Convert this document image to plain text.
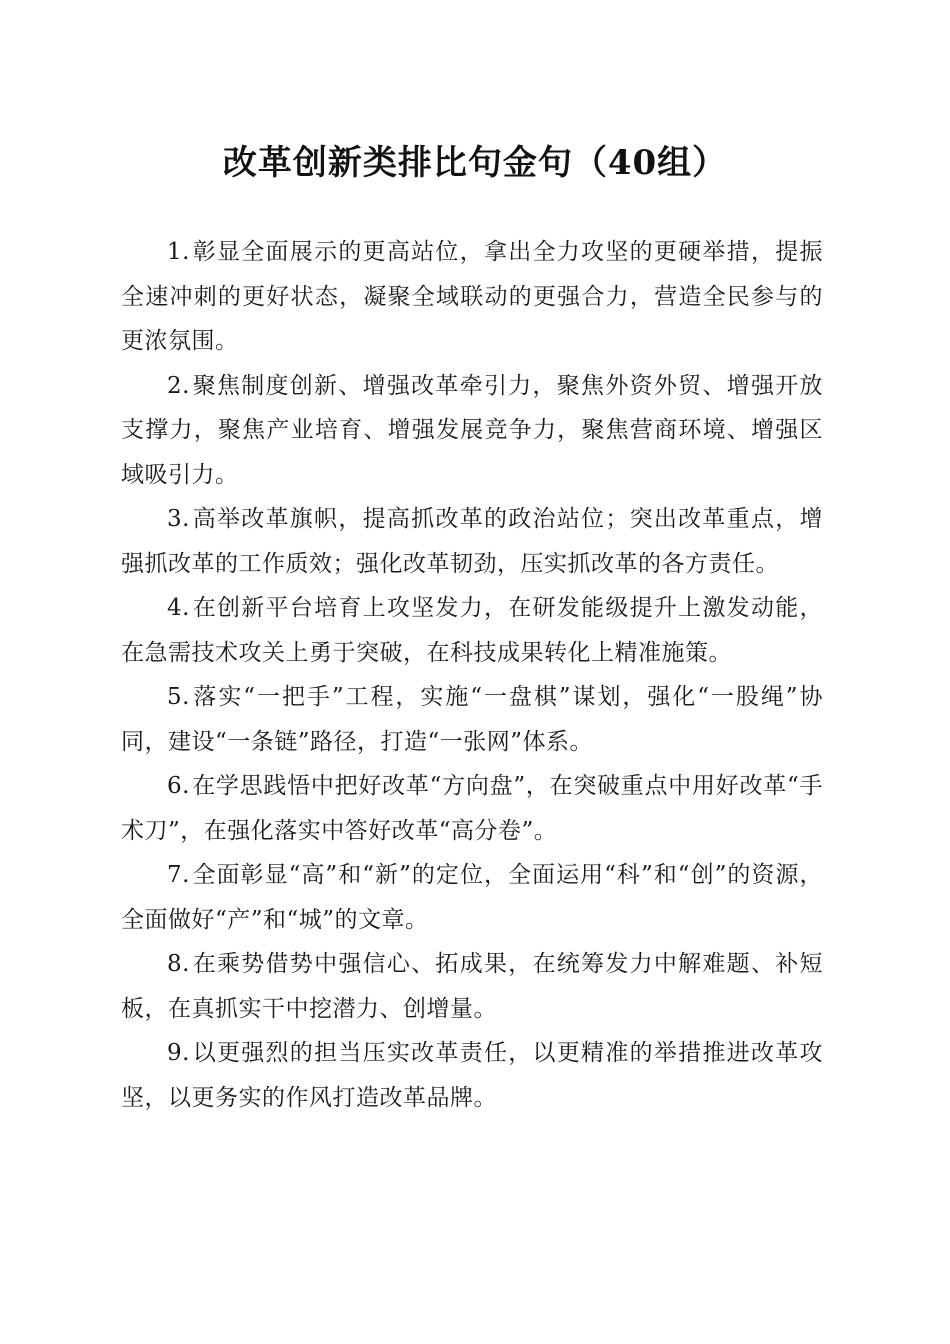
改革创新类排比句金句（40组）

1.彰显全面展示的更高站位，拿出全力攻坚的更硬举措，提振全速冲刺的更好状态，凝聚全域联动的更强合力，营造全民参与的更浓氛围。

2.聚焦制度创新、增强改革牵引力，聚焦外资外贸、增强开放支撑力，聚焦产业培育、增强发展竞争力，聚焦营商环境、增强区域吸引力。

3.高举改革旗帜，提高抓改革的政治站位；突出改革重点，增强抓改革的工作质效；强化改革韧劲，压实抓改革的各方责任。

4.在创新平台培育上攻坚发力，在研发能级提升上激发动能，在急需技术攻关上勇于突破，在科技成果转化上精准施策。

5.落实“一把手”工程，实施“一盘棋”谋划，强化“一股绳”协同，建设“一条链”路径，打造“一张网”体系。

6.在学思践悟中把好改革“方向盘”，在突破重点中用好改革“手术刀”，在强化落实中答好改革“高分卷”。

7.全面彰显“高”和“新”的定位，全面运用“科”和“创”的资源，全面做好“产”和“城”的文章。

8.在乘势借势中强信心、拓成果，在统筹发力中解难题、补短板，在真抓实干中挖潜力、创增量。

9.以更强烈的担当压实改革责任，以更精准的举措推进改革攻坚，以更务实的作风打造改革品牌。
